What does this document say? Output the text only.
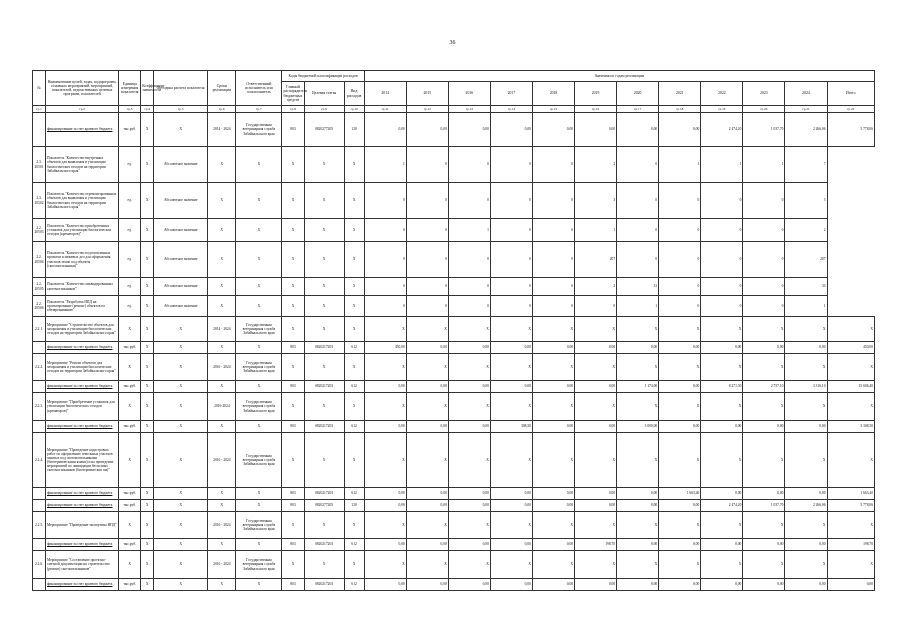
36
№	Наименование целей, задач, подпрограмм, основных мероприятий, мероприятий, показателей, ведомственных целевых программ, показателей	Единица измерения показателя	Коэффициент значимости	Методика расчета показателя	Сроки реализации	Ответственный исполнитель или соисполнитель	Коды бюджетной классификации расходов			Значения по годам реализации											
							Главный распорядитель бюджетных средств	Целевая статья	Вид расходов	2014	2015	2016	2017	2018	2019	2020	2021	2022	2023	2024	Итого
гр.1	гр.2	гр.3	гр.4	гр.5	гр.6	гр.7	гр.8	гр.9	гр.10	гр.11	гр.12	гр.13	гр.14	гр.15	гр.16	гр.17	гр.18	гр.19	гр.20	гр.21	гр.22
	финансирование за счет краевого бюджета	тыс.руб.	Х	Х	2014 - 2024	Государственная ветеринарная служба Забайкальского края	803	0820277205	120	0,00	0,00	0,00	0,00	0,00	0,00	0,00	0,00	2 474,20	1 037,70	2 266,06	5 778,06
2.3. 20501	Показатель "Количество внутренних объектов для выявления и утилизации биологических отходов на территории Забайкальского края"	ед.	Х	Абсолютное значение	Х	Х	Х	Х	Х	1	0	0	0	0	2	0	1	1	1	7	
2.3. 20502	Показатель "Количество отремонтированных объектов для выявления и утилизации биологических отходов на территории Забайкальского края"	ед.	Х	Абсолютное значение	Х	Х	Х	Х	Х	0	0	0	0	0	3	0	0	0	0	3	
2.2. 20503	Показатель "Количество приобретенных установок для утилизации биологических отходов (крематоров)"	ед.	Х	Абсолютное значение	Х	Х	Х	Х	Х	0	0	1	0	0	1	0	0	0	0	2	
2.2. 20504	Показатель "Количество подготовленных проектов и межевых дел для оформления участков земли под объекты (скотомогильники)"	ед.	Х	Абсолютное значение	Х	Х	Х	Х	Х	0	0	0	0	0	207	0	0	0	0	207	
2.2. 20505	Показатель "Количество ликвидированных скотомогильников"	ед.	Х	Абсолютное значение	Х	Х	Х	Х	Х	0	0	0	0	0	2	31	0	0	0	33	
2.2. 20506	Показатель "Разработка НПД на проектирование (ремонт) объектов по обезвреживанию"	ед.	Х	Абсолютное значение	Х	Х	Х	Х	Х	0	0	0	0	0	0	1	0	0	0	1	
2.2.1.	Мероприятие "Строительство объектов для захоронения и утилизации биологических отходов на территории Забайкальского края"	Х	Х	Х	2014 - 2024	Государственная ветеринарная служба Забайкальского края	Х	Х	Х	Х	Х	Х	Х	Х	Х	Х	Х	Х	Х	Х	Х
	финансирование за счет краевого бюджета	тыс.руб.	Х	Х	Х	Х	803	0820217203	612	450,00	0,00	0,00	0,00	0,00	0,00	0,00	0,00	0,00	0,00	0,00	450,00
2.2.2.	Мероприятие "Ремонт объектов для захоронения и утилизации биологических отходов на территории Забайкальского края"	Х	Х	Х	2016 - 2024	Государственная ветеринарная служба Забайкальского края	Х	Х	Х	Х	Х	Х	Х	Х	Х	Х	Х	Х	Х	Х	Х
	финансирование за счет краевого бюджета	тыс.руб.	Х	Х	Х	Х	803	0820217203	612	0,00	0,00	0,00	0,00	0,00	0,00	1 174,00	0,00	8 271,30	2 757,10	3 316,10	15 606,40
2.2.3.	Мероприятие "Приобретение установок для утилизации биологических отходов (крематоров)"	Х	Х	Х	2016-2024	Государственная ветеринарная служба Забайкальского края	Х	Х	Х	Х	Х	Х	Х	Х	Х	Х	Х	Х	Х	Х	Х
	финансирование за счет краевого бюджета	тыс.руб.	Х	Х	Х	Х	803	0820217203	612	0,00	0,00	0,00	308,50	0,00	0,00	3 000,00	0,00	0,00	0,00	0,00	3 308,50
2.2.4.	Мероприятие "Проведение кадастровых работ по оформлению земельных участков занятых под скотомогильниками (биотермическими ямами) и на проведение мероприятий по ликвидации бесхозных скотомогильников (биотермических ям)"	Х	Х	Х	2016 - 2024	Государственная ветеринарная служба Забайкальского края	Х	Х	Х	Х	Х	Х	Х	Х	Х	Х	Х	Х	Х	Х	Х
	финансирование за счет краевого бюджета	тыс.руб.	Х	Х	Х	Х	803	0820217203	612	0,00	0,00	0,00	0,00	0,00	0,00	0,00	1 663,40	0,00	0,00	0,00	1 663,40
	финансирование за счет краевого бюджета	тыс.руб.	Х	Х	Х	Х	803	0820277205	120	0,00	0,00	0,00	0,00	0,00	0,00	0,00	0,00	2 474,20	1 037,70	2 266,06	5 778,06
2.2.5.	Мероприятие "Проведение экспертизы НПД"	Х	Х	Х	2016 - 2024	Государственная ветеринарная служба Забайкальского края	Х	Х	Х	Х	Х	Х	Х	Х	Х	Х	Х	Х	Х	Х	Х
	финансирование за счет краевого бюджета	тыс.руб.	Х	Х	Х	Х	803	0820217203	612	0,00	0,00	0,00	0,00	0,00	198,70	0,00	0,00	0,00	0,00	0,00	198,70
2.2.6.	Мероприятие "Составление проектно-сметной документации на строительство (ремонт) скотомогильников"	Х	Х	Х	2016 - 2024	Государственная ветеринарная служба Забайкальского края	Х	Х	Х	Х	Х	Х	Х	Х	Х	Х	Х	Х	Х	Х	Х
	финансирование за счет краевого бюджета	тыс.руб.	Х	Х	Х	Х	803	0820217203	612	0,00	0,00	0,00	0,00	0,00	0,00	0,00	0,00	0,00	0,00	0,00	0,00
